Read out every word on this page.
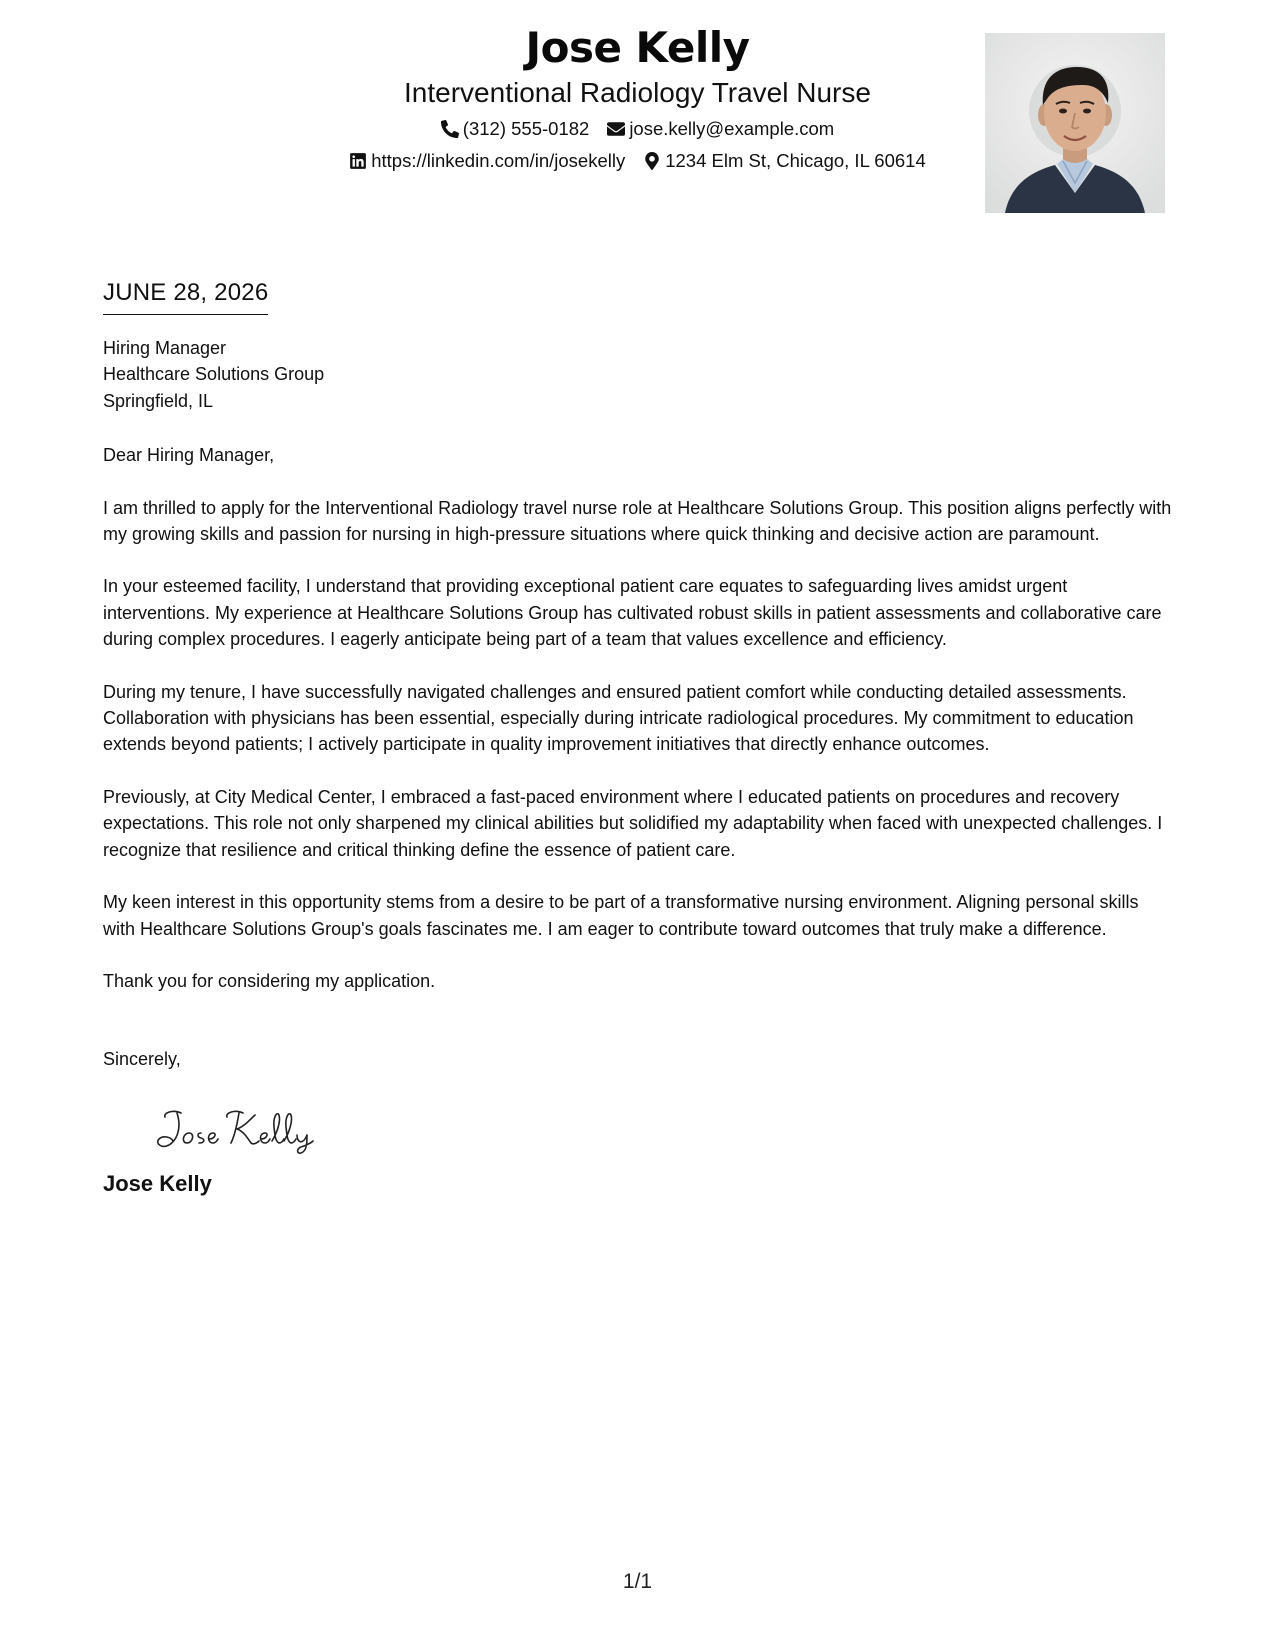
Jose Kelly
Interventional Radiology Travel Nurse
(312) 555-0182 jose.kelly@example.com
https://linkedin.com/in/josekelly 1234 Elm St, Chicago, IL 60614
JUNE 28, 2026
Hiring Manager
Healthcare Solutions Group
Springfield, IL
Dear Hiring Manager,

I am thrilled to apply for the Interventional Radiology travel nurse role at Healthcare Solutions Group. This position aligns perfectly with my growing skills and passion for nursing in high-pressure situations where quick thinking and decisive action are paramount.

In your esteemed facility, I understand that providing exceptional patient care equates to safeguarding lives amidst urgent interventions. My experience at Healthcare Solutions Group has cultivated robust skills in patient assessments and collaborative care during complex procedures. I eagerly anticipate being part of a team that values excellence and efficiency.

During my tenure, I have successfully navigated challenges and ensured patient comfort while conducting detailed assessments. Collaboration with physicians has been essential, especially during intricate radiological procedures. My commitment to education extends beyond patients; I actively participate in quality improvement initiatives that directly enhance outcomes.

Previously, at City Medical Center, I embraced a fast-paced environment where I educated patients on procedures and recovery expectations. This role not only sharpened my clinical abilities but solidified my adaptability when faced with unexpected challenges. I recognize that resilience and critical thinking define the essence of patient care.

My keen interest in this opportunity stems from a desire to be part of a transformative nursing environment. Aligning personal skills with Healthcare Solutions Group's goals fascinates me. I am eager to contribute toward outcomes that truly make a difference.

Thank you for considering my application.
Sincerely,
Jose Kelly
1/1
